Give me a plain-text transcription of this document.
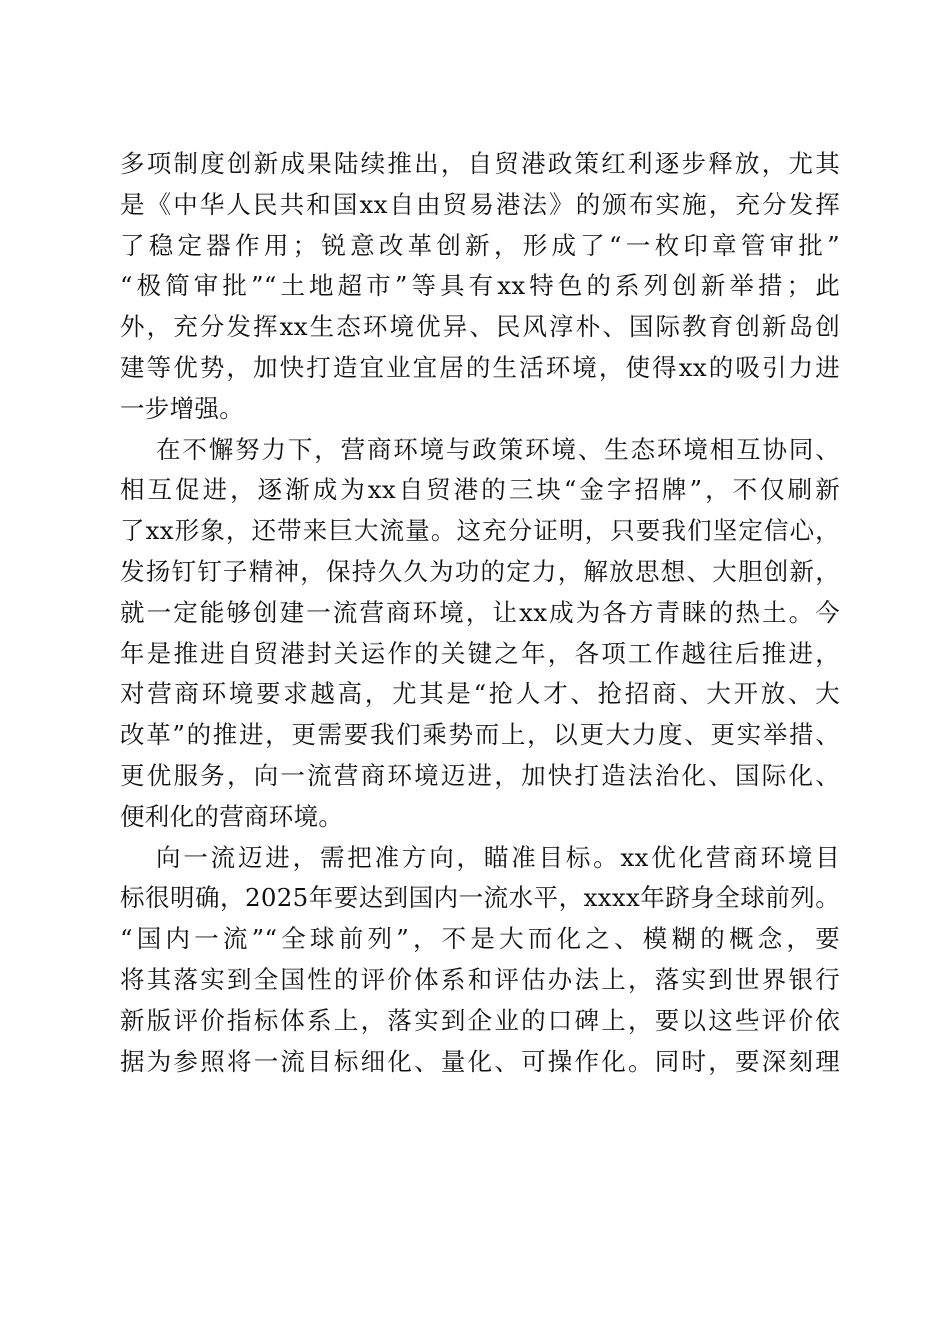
多项制度创新成果陆续推出，自贸港政策红利逐步释放，尤其
是《中华人民共和国xx自由贸易港法》的颁布实施，充分发挥
了稳定器作用；锐意改革创新，形成了“一枚印章管审批”
“极简审批”“土地超市”等具有xx特色的系列创新举措；此
外，充分发挥xx生态环境优异、民风淳朴、国际教育创新岛创
建等优势，加快打造宜业宜居的生活环境，使得xx的吸引力进
一步增强。
在不懈努力下，营商环境与政策环境、生态环境相互协同、
相互促进，逐渐成为xx自贸港的三块“金字招牌”，不仅刷新
了xx形象，还带来巨大流量。这充分证明，只要我们坚定信心，
发扬钉钉子精神，保持久久为功的定力，解放思想、大胆创新，
就一定能够创建一流营商环境，让xx成为各方青睐的热土。今
年是推进自贸港封关运作的关键之年，各项工作越往后推进，
对营商环境要求越高，尤其是“抢人才、抢招商、大开放、大
改革”的推进，更需要我们乘势而上，以更大力度、更实举措、
更优服务，向一流营商环境迈进，加快打造法治化、国际化、
便利化的营商环境。
向一流迈进，需把准方向，瞄准目标。xx优化营商环境目
标很明确，2025年要达到国内一流水平，xxxx年跻身全球前列。
“国内一流”“全球前列”，不是大而化之、模糊的概念，要
将其落实到全国性的评价体系和评估办法上，落实到世界银行
新版评价指标体系上，落实到企业的口碑上，要以这些评价依
据为参照将一流目标细化、量化、可操作化。同时，要深刻理
